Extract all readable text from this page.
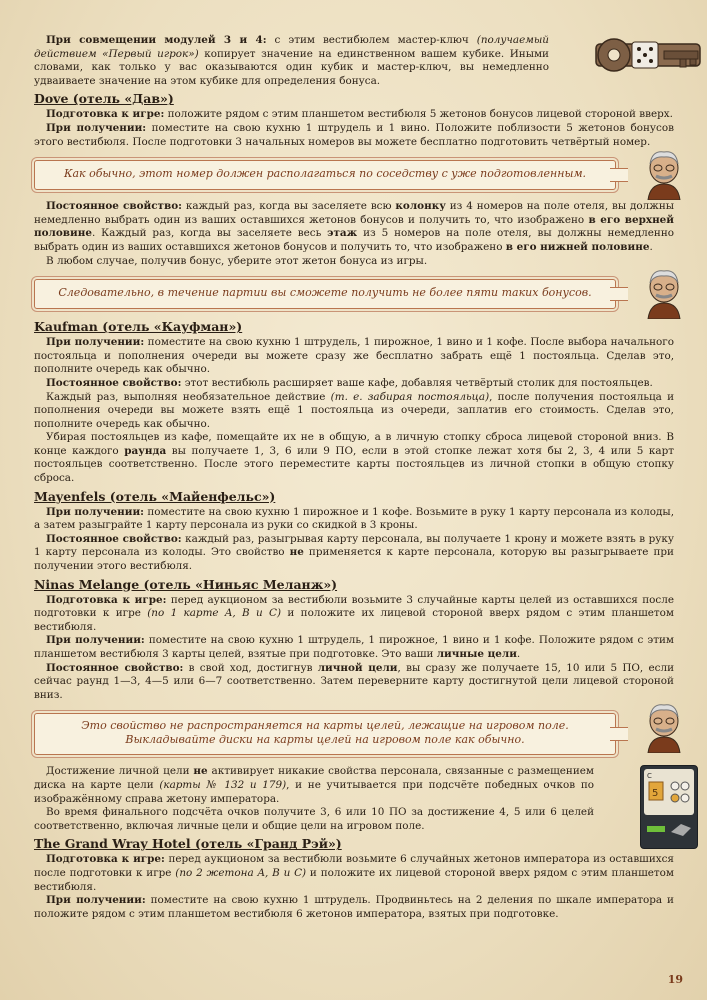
При совмещении модулей 3 и 4: с этим вестибюлем мастер-ключ (получаемый действием «Первый игрок») копирует значение на единственном вашем кубике. Иными словами, как только у вас оказываются один кубик и мастер-ключ, вы немедленно удваиваете значение на этом кубике для определения бонуса.

Dove (отель «Дав»)

Подготовка к игре: положите рядом с этим планшетом вестибюля 5 жетонов бонусов лицевой стороной вверх.

При получении: поместите на свою кухню 1 штрудель и 1 вино. Положите поблизости 5 жетонов бонусов этого вестибюля. После подготовки 3 начальных номеров вы можете бесплатно подготовить четвёртый номер.

Как обычно, этот номер должен располагаться по соседству с уже подготовленным.

Постоянное свойство: каждый раз, когда вы заселяете всю колонку из 4 номеров на поле отеля, вы должны немедленно выбрать один из ваших оставшихся жетонов бонусов и получить то, что изображено в его верхней половине. Каждый раз, когда вы заселяете весь этаж из 5 номеров на поле отеля, вы должны немедленно выбрать один из ваших оставшихся жетонов бонусов и получить то, что изображено в его нижней половине.

В любом случае, получив бонус, уберите этот жетон бонуса из игры.

Следовательно, в течение партии вы сможете получить не более пяти таких бонусов.
Kaufman (отель «Кауфман»)

При получении: поместите на свою кухню 1 штрудель, 1 пирожное, 1 вино и 1 кофе. После выбора начального постояльца и пополнения очереди вы можете сразу же бесплатно забрать ещё 1 постояльца. Сделав это, пополните очередь как обычно.

Постоянное свойство: этот вестибюль расширяет ваше кафе, добавляя четвёртый столик для постояльцев.

Каждый раз, выполняя необязательное действие (т. е. забирая постояльца), после получения постояльца и пополнения очереди вы можете взять ещё 1 постояльца из очереди, заплатив его стоимость. Сделав это, пополните очередь как обычно.

Убирая постояльцев из кафе, помещайте их не в общую, а в личную стопку сброса лицевой стороной вниз. В конце каждого раунда вы получаете 1, 3, 6 или 9 ПО, если в этой стопке лежат хотя бы 2, 3, 4 или 5 карт постояльцев соответственно. После этого переместите карты постояльцев из личной стопки в общую стопку сброса.

Mayenfels (отель «Майенфельс»)

При получении: поместите на свою кухню 1 пирожное и 1 кофе. Возьмите в руку 1 карту персонала из колоды, а затем разыграйте 1 карту персонала из руки со скидкой в 3 кроны.

Постоянное свойство: каждый раз, разыгрывая карту персонала, вы получаете 1 крону и можете взять в руку 1 карту персонала из колоды. Это свойство не применяется к карте персонала, которую вы разыгрываете при получении этого вестибюля.

Ninas Melange (отель «Ниньяс Меланж»)

Подготовка к игре: перед аукционом за вестибюли возьмите 3 случайные карты целей из оставшихся после подготовки к игре (по 1 карте A, B и C) и положите их лицевой стороной вверх рядом с этим планшетом вестибюля.

При получении: поместите на свою кухню 1 штрудель, 1 пирожное, 1 вино и 1 кофе. Положите рядом с этим планшетом вестибюля 3 карты целей, взятые при подготовке. Это ваши личные цели.

Постоянное свойство: в свой ход, достигнув личной цели, вы сразу же получаете 15, 10 или 5 ПО, если сейчас раунд 1—3, 4—5 или 6—7 соответственно. Затем переверните карту достигнутой цели лицевой стороной вниз.

Это свойство не распространяется на карты целей, лежащие на игровом поле. Выкладывайте диски на карты целей на игровом поле как обычно.

Достижение личной цели не активирует никакие свойства персонала, связанные с размещением диска на карте цели (карты № 132 и 179), и не учитывается при подсчёте победных очков по изображённому справа жетону императора.

Во время финального подсчёта очков получите 3, 6 или 10 ПО за достижение 4, 5 или 6 целей соответственно, включая личные цели и общие цели на игровом поле.

C
5
The Grand Wray Hotel (отель «Гранд Рэй»)

Подготовка к игре: перед аукционом за вестибюли возьмите 6 случайных жетонов императора из оставшихся после подготовки к игре (по 2 жетона A, B и C) и положите их лицевой стороной вверх рядом с этим планшетом вестибюля.

При получении: поместите на свою кухню 1 штрудель. Продвиньтесь на 2 деления по шкале императора и положите рядом с этим планшетом вестибюля 6 жетонов императора, взятых при подготовке.

19
